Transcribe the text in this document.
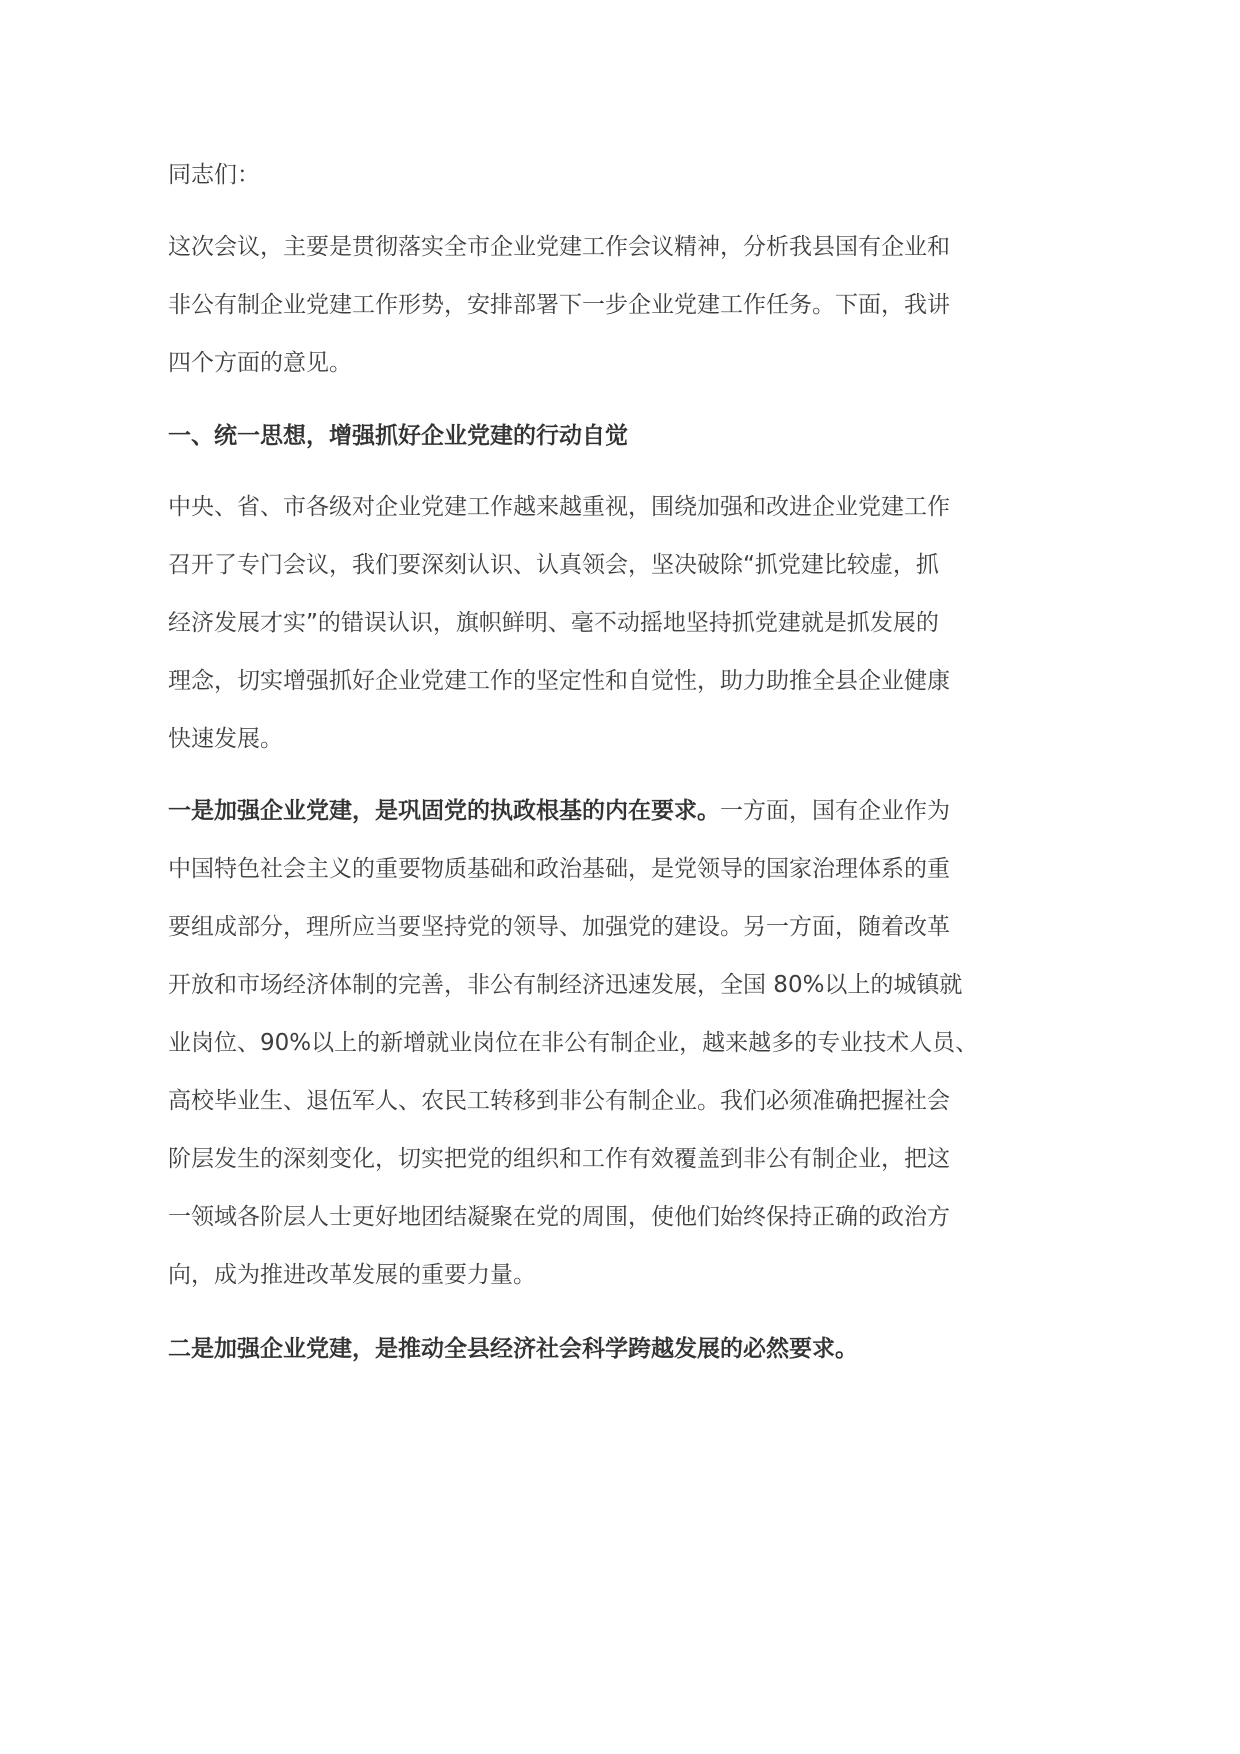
同志们：
这次会议，主要是贯彻落实全市企业党建工作会议精神，分析我县国有企业和
非公有制企业党建工作形势，安排部署下一步企业党建工作任务。下面，我讲
四个方面的意见。
一、统一思想，增强抓好企业党建的行动自觉
中央、省、市各级对企业党建工作越来越重视，围绕加强和改进企业党建工作
召开了专门会议，我们要深刻认识、认真领会，坚决破除“抓党建比较虚，抓
经济发展才实”的错误认识，旗帜鲜明、毫不动摇地坚持抓党建就是抓发展的
理念，切实增强抓好企业党建工作的坚定性和自觉性，助力助推全县企业健康
快速发展。
一是加强企业党建，是巩固党的执政根基的内在要求。一方面，国有企业作为
中国特色社会主义的重要物质基础和政治基础，是党领导的国家治理体系的重
要组成部分，理所应当要坚持党的领导、加强党的建设。另一方面，随着改革
开放和市场经济体制的完善，非公有制经济迅速发展，全国 80%以上的城镇就
业岗位、90%以上的新增就业岗位在非公有制企业，越来越多的专业技术人员、
高校毕业生、退伍军人、农民工转移到非公有制企业。我们必须准确把握社会
阶层发生的深刻变化，切实把党的组织和工作有效覆盖到非公有制企业，把这
一领域各阶层人士更好地团结凝聚在党的周围，使他们始终保持正确的政治方
向，成为推进改革发展的重要力量。
二是加强企业党建，是推动全县经济社会科学跨越发展的必然要求。
